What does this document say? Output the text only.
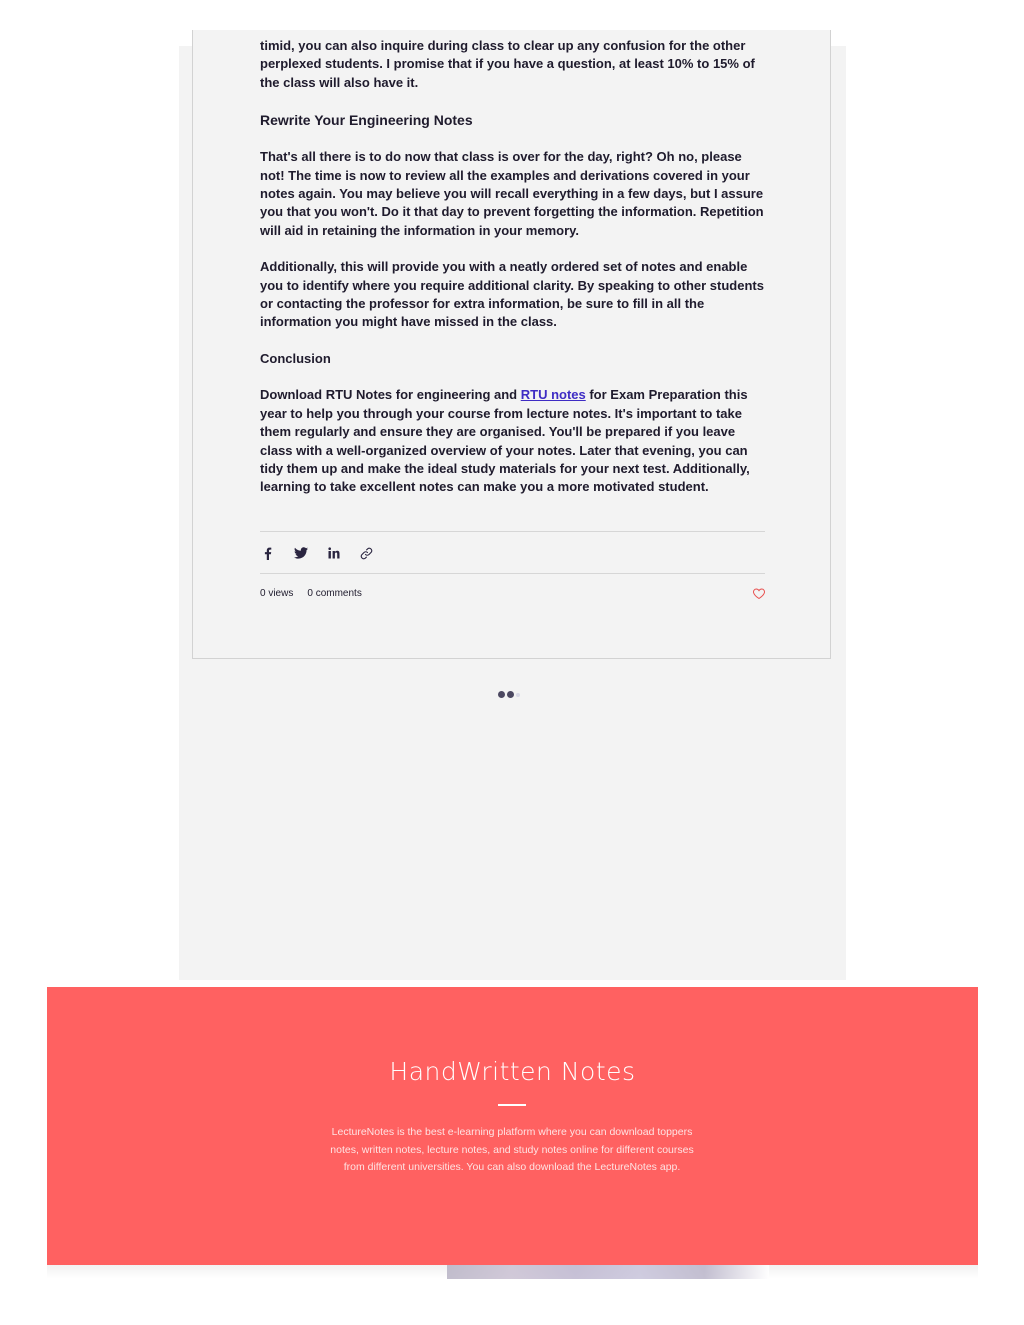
timid, you can also inquire during class to clear up any confusion for the other perplexed students. I promise that if you have a question, at least 10% to 15% of the class will also have it.

Rewrite Your Engineering Notes

That's all there is to do now that class is over for the day, right? Oh no, please not! The time is now to review all the examples and derivations covered in your notes again. You may believe you will recall everything in a few days, but I assure you that you won't. Do it that day to prevent forgetting the information. Repetition will aid in retaining the information in your memory.

Additionally, this will provide you with a neatly ordered set of notes and enable you to identify where you require additional clarity. By speaking to other students or contacting the professor for extra information, be sure to fill in all the information you might have missed in the class.

Conclusion

Download RTU Notes for engineering and RTU notes for Exam Preparation this year to help you through your course from lecture notes. It's important to take them regularly and ensure they are organised. You'll be prepared if you leave class with a well-organized overview of your notes. Later that evening, you can tidy them up and make the ideal study materials for your next test. Additionally, learning to take excellent notes can make you a more motivated student.

0 views 0 comments
HandWritten Notes
LectureNotes is the best e-learning platform where you can download toppers notes, written notes, lecture notes, and study notes online for different courses from different universities. You can also download the LectureNotes app.
